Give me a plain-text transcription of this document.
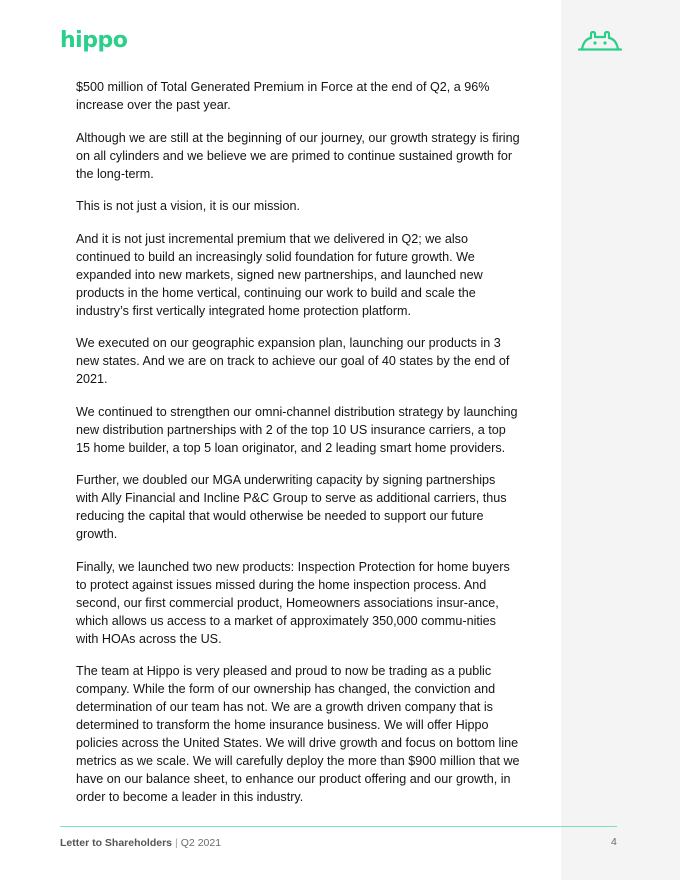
hippo

$500 million of Total Generated Premium in Force at the end of Q2, a 96% increase over the past year.

Although we are still at the beginning of our journey, our growth strategy is firing on all cylinders and we believe we are primed to continue sustained growth for the long-term.

This is not just a vision, it is our mission.

And it is not just incremental premium that we delivered in Q2; we also continued to build an increasingly solid foundation for future growth. We expanded into new markets, signed new partnerships, and launched new products in the home vertical, continuing our work to build and scale the industry’s first vertically integrated home protection platform.

We executed on our geographic expansion plan, launching our products in 3 new states. And we are on track to achieve our goal of 40 states by the end of 2021.

We continued to strengthen our omni-channel distribution strategy by launching new distribution partnerships with 2 of the top 10 US insurance carriers, a top 15 home builder, a top 5 loan originator, and 2 leading smart home providers.

Further, we doubled our MGA underwriting capacity by signing partnerships with Ally Financial and Incline P&C Group to serve as additional carriers, thus reducing the capital that would otherwise be needed to support our future growth.

Finally, we launched two new products: Inspection Protection for home buyers to protect against issues missed during the home inspection process. And second, our first commercial product, Homeowners associations insur-ance, which allows us access to a market of approximately 350,000 commu-nities with HOAs across the US.

The team at Hippo is very pleased and proud to now be trading as a public company. While the form of our ownership has changed, the conviction and determination of our team has not. We are a growth driven company that is determined to transform the home insurance business. We will offer Hippo policies across the United States. We will drive growth and focus on bottom line metrics as we scale. We will carefully deploy the more than $900 million that we have on our balance sheet, to enhance our product offering and our growth, in order to become a leader in this industry.

Letter to Shareholders | Q2 2021	4
